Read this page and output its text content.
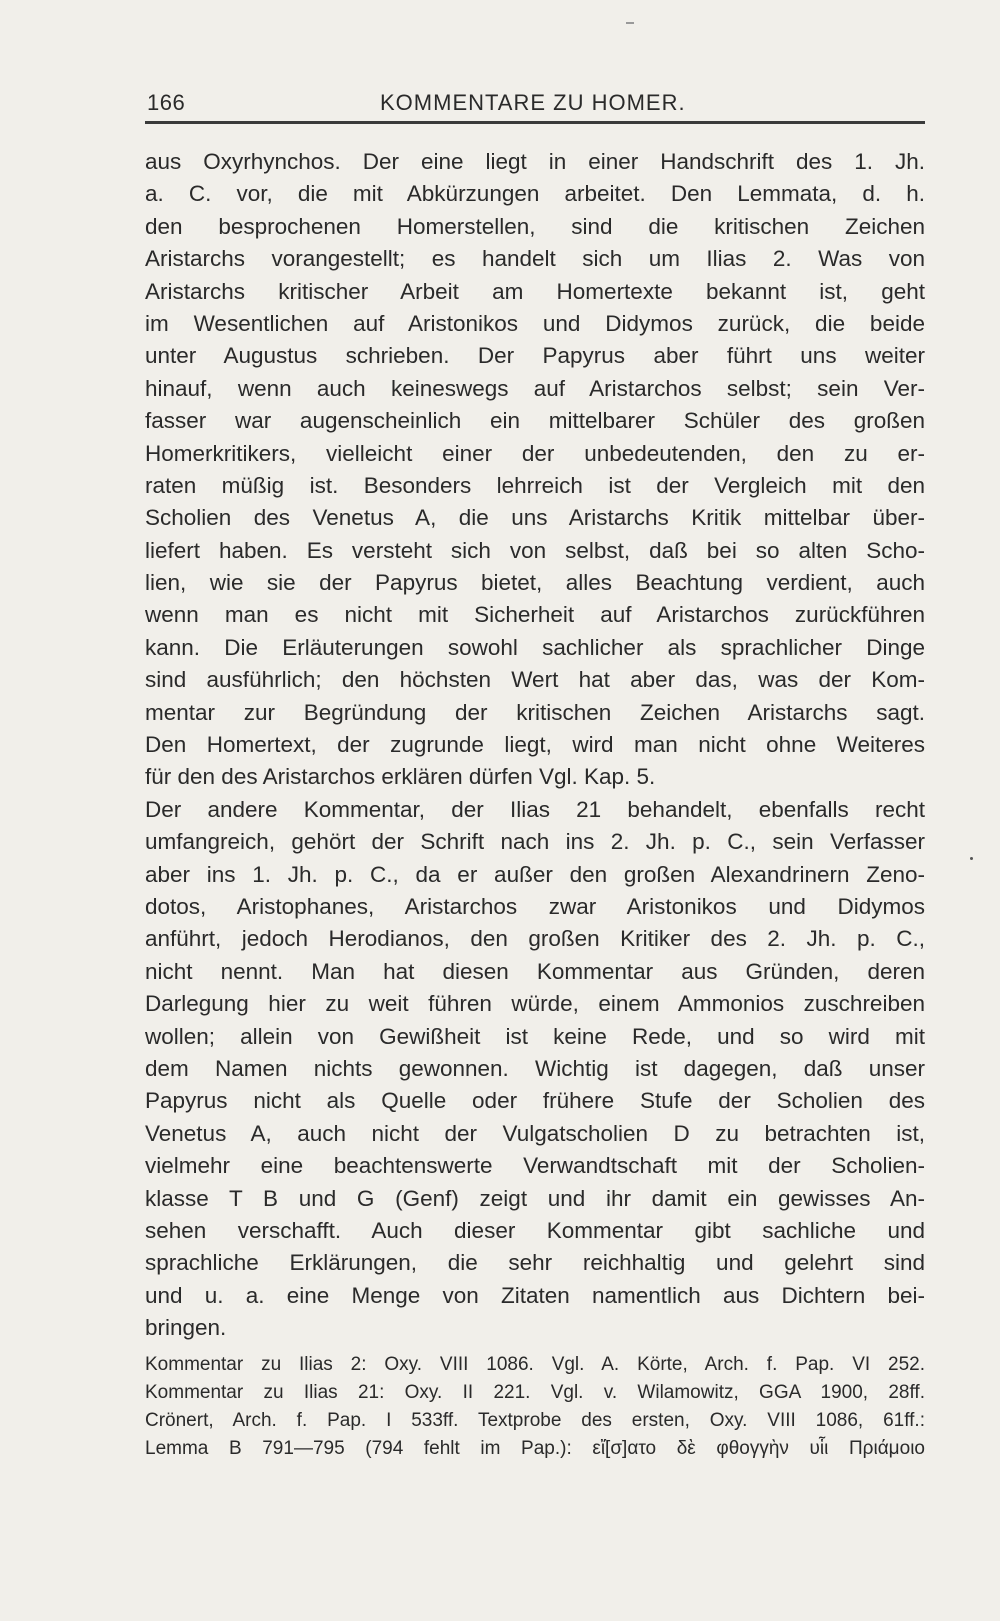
166	KOMMENTARE ZU HOMER.
aus Oxyrhynchos. Der eine liegt in einer Handschrift des 1. Jh.
a. C. vor, die mit Abkürzungen arbeitet. Den Lemmata, d. h.
den besprochenen Homerstellen, sind die kritischen Zeichen
Aristarchs vorangestellt; es handelt sich um Ilias 2. Was von
Aristarchs kritischer Arbeit am Homertexte bekannt ist, geht
im Wesentlichen auf Aristonikos und Didymos zurück, die beide
unter Augustus schrieben. Der Papyrus aber führt uns weiter
hinauf, wenn auch keineswegs auf Aristarchos selbst; sein Ver-
fasser war augenscheinlich ein mittelbarer Schüler des großen
Homerkritikers, vielleicht einer der unbedeutenden, den zu er-
raten müßig ist. Besonders lehrreich ist der Vergleich mit den
Scholien des Venetus A, die uns Aristarchs Kritik mittelbar über-
liefert haben. Es versteht sich von selbst, daß bei so alten Scho-
lien, wie sie der Papyrus bietet, alles Beachtung verdient, auch
wenn man es nicht mit Sicherheit auf Aristarchos zurückführen
kann. Die Erläuterungen sowohl sachlicher als sprachlicher Dinge
sind ausführlich; den höchsten Wert hat aber das, was der Kom-
mentar zur Begründung der kritischen Zeichen Aristarchs sagt.
Den Homertext, der zugrunde liegt, wird man nicht ohne Weiteres
für den des Aristarchos erklären dürfen Vgl. Kap. 5.
Der andere Kommentar, der Ilias 21 behandelt, ebenfalls recht
umfangreich, gehört der Schrift nach ins 2. Jh. p. C., sein Verfasser
aber ins 1. Jh. p. C., da er außer den großen Alexandrinern Zeno-
dotos, Aristophanes, Aristarchos zwar Aristonikos und Didymos
anführt, jedoch Herodianos, den großen Kritiker des 2. Jh. p. C.,
nicht nennt. Man hat diesen Kommentar aus Gründen, deren
Darlegung hier zu weit führen würde, einem Ammonios zuschreiben
wollen; allein von Gewißheit ist keine Rede, und so wird mit
dem Namen nichts gewonnen. Wichtig ist dagegen, daß unser
Papyrus nicht als Quelle oder frühere Stufe der Scholien des
Venetus A, auch nicht der Vulgatscholien D zu betrachten ist,
vielmehr eine beachtenswerte Verwandtschaft mit der Scholien-
klasse T B und G (Genf) zeigt und ihr damit ein gewisses An-
sehen verschafft. Auch dieser Kommentar gibt sachliche und
sprachliche Erklärungen, die sehr reichhaltig und gelehrt sind
und u. a. eine Menge von Zitaten namentlich aus Dichtern bei-
bringen.
Kommentar zu Ilias 2: Oxy. VIII 1086. Vgl. A. Körte, Arch. f. Pap. VI 252.
Kommentar zu Ilias 21: Oxy. II 221. Vgl. v. Wilamowitz, GGA 1900, 28ff.
Crönert, Arch. f. Pap. I 533ff. Textprobe des ersten, Oxy. VIII 1086, 61ff.:
Lemma B 791—795 (794 fehlt im Pap.): εἴ[σ]ατο δὲ φθογγὴν υἷι Πριάμοιο
